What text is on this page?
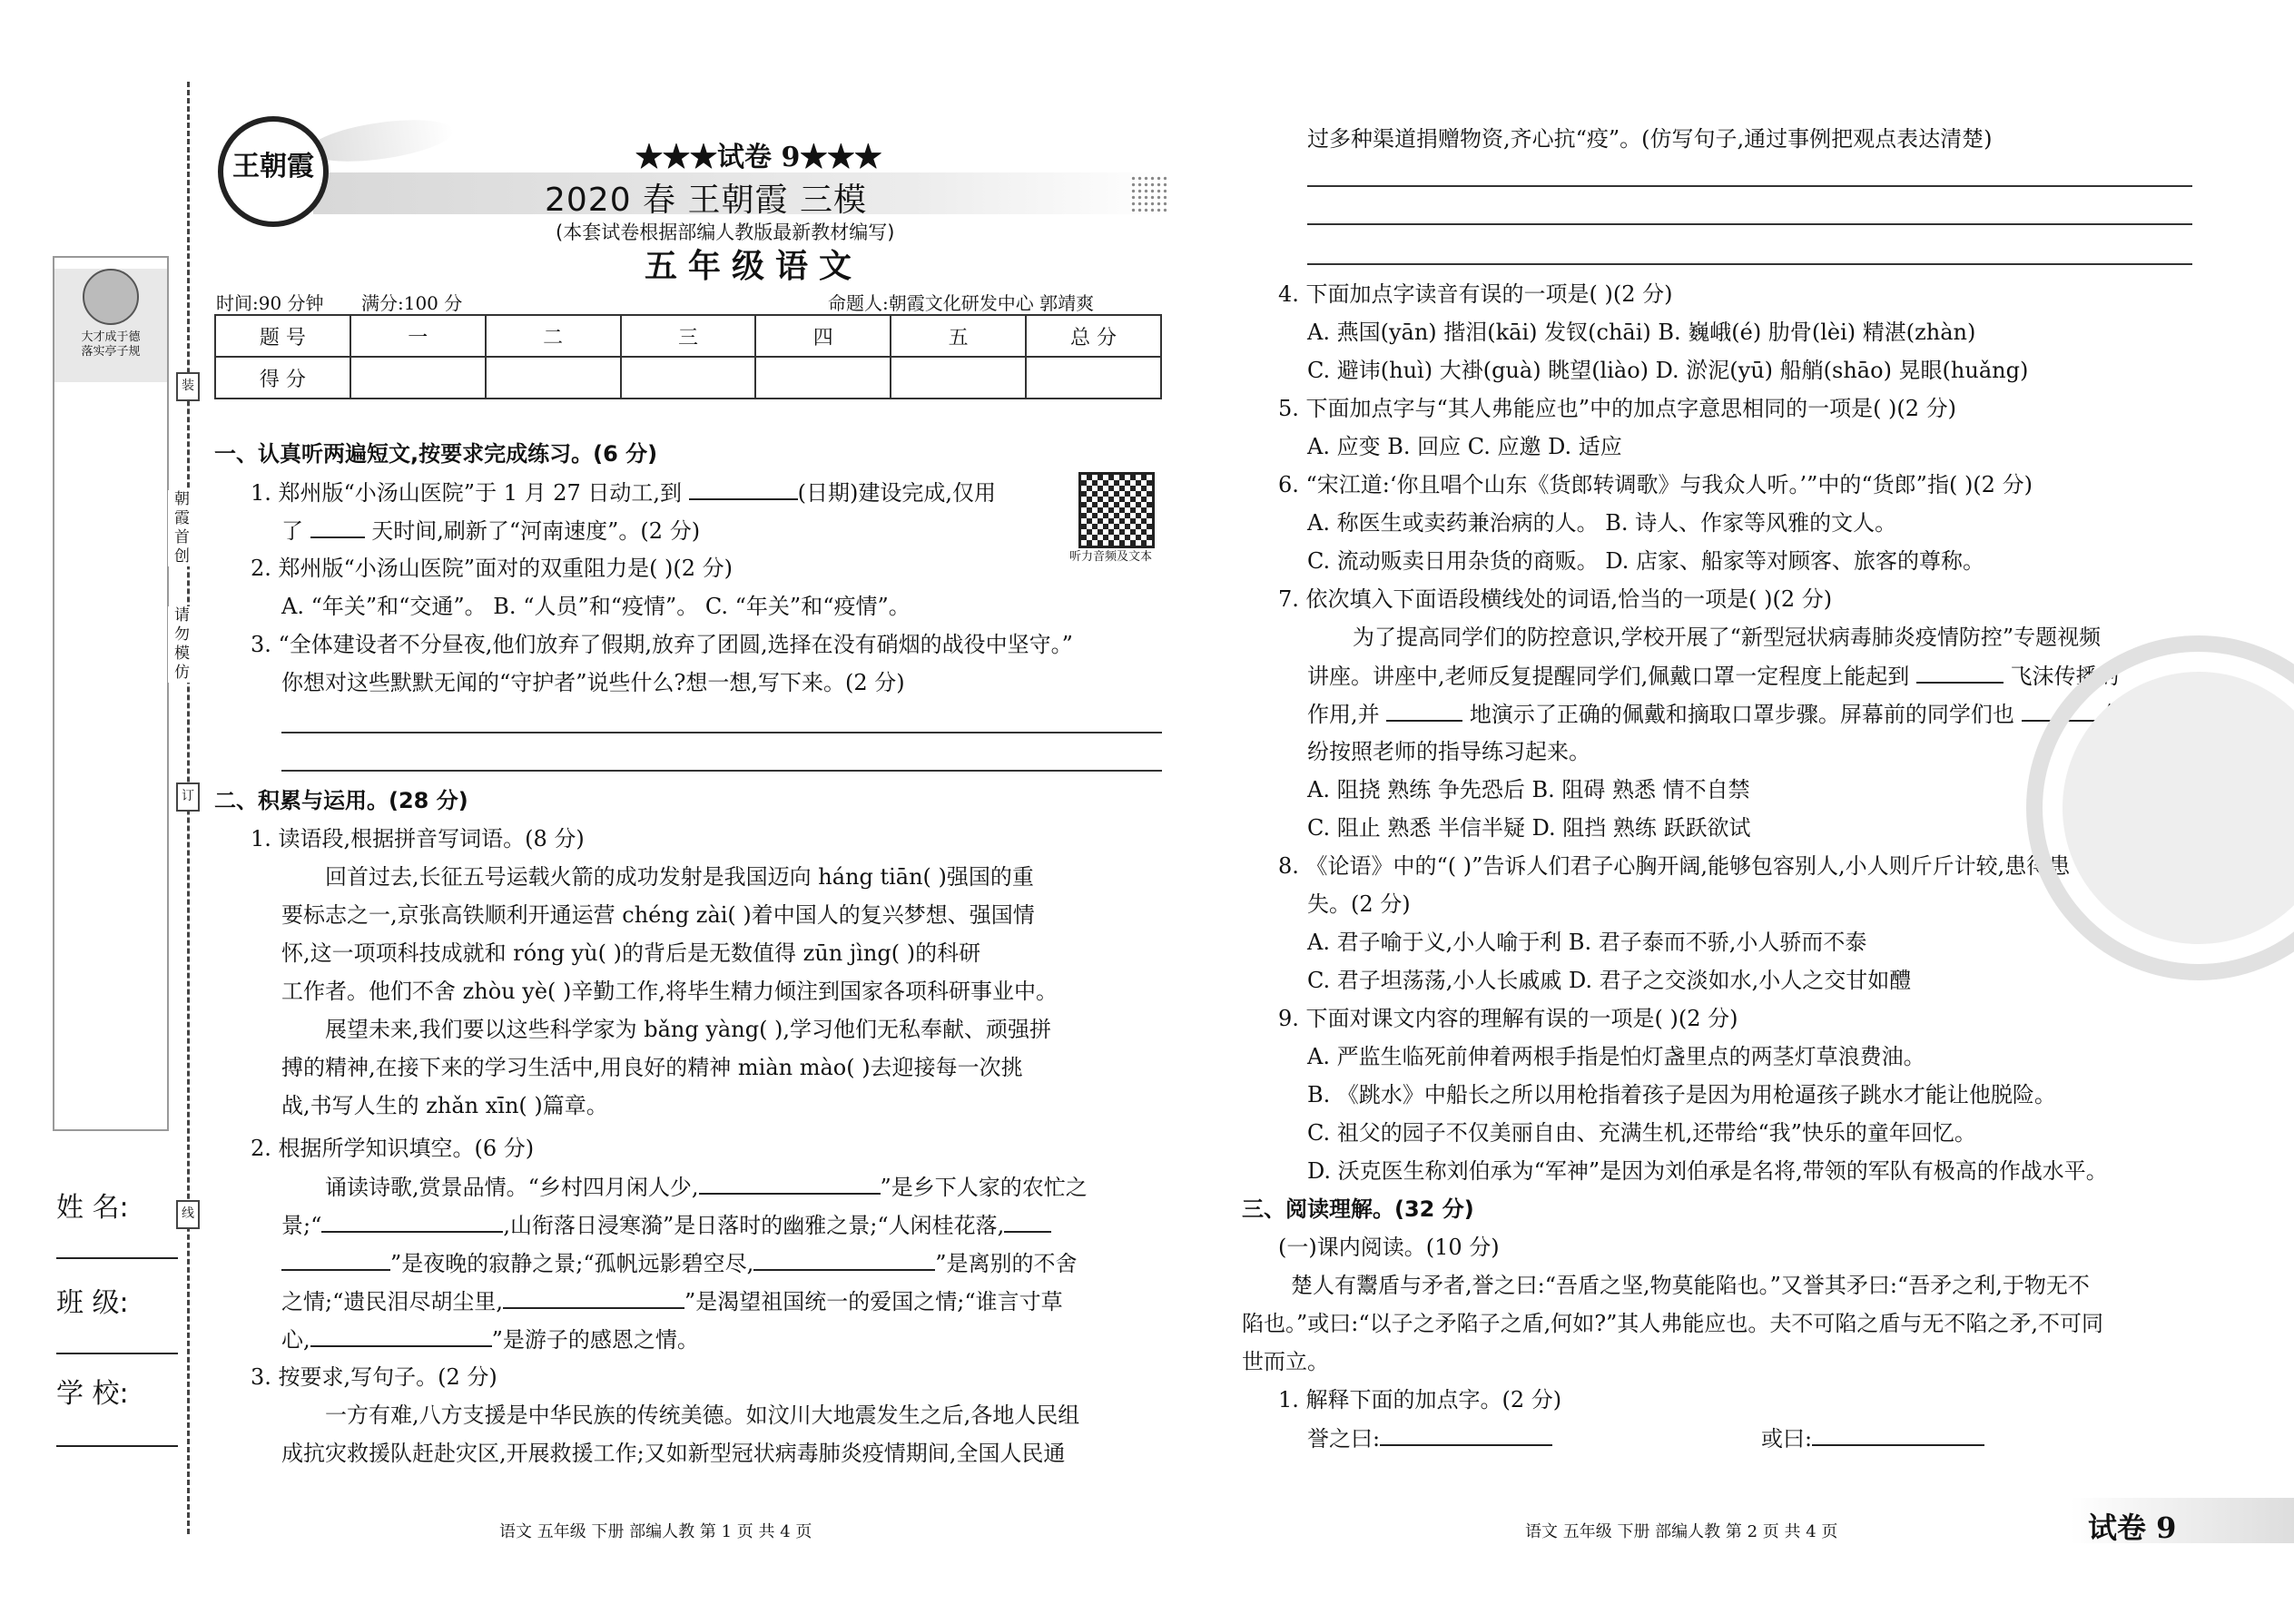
大才成于德
落实亭子规
朝霞首创
请勿模仿
装
订
线
姓 名:
班 级:
学 校:
王朝霞	★★★试卷 9★★★
2020 春 王朝霞 三模
(本套试卷根据部编人教版最新教材编写)
五年级语文
时间:90 分钟 满分:100 分	命题人:朝霞文化研发中心 郭靖爽
题 号	一	二	三	四	五	总 分
得 分						
听力音频及文本
一、认真听两遍短文,按要求完成练习。(6 分)
1. 郑州版“小汤山医院”于 1 月 27 日动工,到	(日期)建设完成,仅用
了	天时间,刷新了“河南速度”。(2 分)
2. 郑州版“小汤山医院”面对的双重阻力是( )(2 分)
A. “年关”和“交通”。 B. “人员”和“疫情”。 C. “年关”和“疫情”。
3. “全体建设者不分昼夜,他们放弃了假期,放弃了团圆,选择在没有硝烟的战役中坚守。”
你想对这些默默无闻的“守护者”说些什么?想一想,写下来。(2 分)
二、积累与运用。(28 分)
1. 读语段,根据拼音写词语。(8 分)
回首过去,长征五号运载火箭的成功发射是我国迈向 háng tiān( )强国的重
要标志之一,京张高铁顺利开通运营 chéng zài( )着中国人的复兴梦想、强国情
怀,这一项项科技成就和 róng yù( )的背后是无数值得 zūn jìng( )的科研
工作者。他们不舍 zhòu yè( )辛勤工作,将毕生精力倾注到国家各项科研事业中。
展望未来,我们要以这些科学家为 bǎng yàng( ),学习他们无私奉献、顽强拼
搏的精神,在接下来的学习生活中,用良好的精神 miàn mào( )去迎接每一次挑
战,书写人生的 zhǎn xīn( )篇章。
2. 根据所学知识填空。(6 分)
诵读诗歌,赏景品情。“乡村四月闲人少,	”是乡下人家的农忙之
景;“	,山衔落日浸寒漪”是日落时的幽雅之景;“人闲桂花落,
”是夜晚的寂静之景;“孤帆远影碧空尽,	”是离别的不舍
之情;“遗民泪尽胡尘里,	”是渴望祖国统一的爱国之情;“谁言寸草
心,	”是游子的感恩之情。
3. 按要求,写句子。(2 分)
一方有难,八方支援是中华民族的传统美德。如汶川大地震发生之后,各地人民组
成抗灾救援队赶赴灾区,开展救援工作;又如新型冠状病毒肺炎疫情期间,全国人民通
过多种渠道捐赠物资,齐心抗“疫”。(仿写句子,通过事例把观点表达清楚)
4. 下面加点字读音有误的一项是( )(2 分)
A. 燕国(yān) 揩泪(kāi) 发钗(chāi) B. 巍峨(é) 肋骨(lèi) 精湛(zhàn)
C. 避讳(huì) 大褂(guà) 眺望(liào) D. 淤泥(yū) 船艄(shāo) 晃眼(huǎng)
5. 下面加点字与“其人弗能应也”中的加点字意思相同的一项是( )(2 分)
A. 应变 B. 回应 C. 应邀 D. 适应
6. “宋江道:‘你且唱个山东《货郎转调歌》与我众人听。’”中的“货郎”指( )(2 分)
A. 称医生或卖药兼治病的人。 B. 诗人、作家等风雅的文人。
C. 流动贩卖日用杂货的商贩。 D. 店家、船家等对顾客、旅客的尊称。
7. 依次填入下面语段横线处的词语,恰当的一项是( )(2 分)
为了提高同学们的防控意识,学校开展了“新型冠状病毒肺炎疫情防控”专题视频
讲座。讲座中,老师反复提醒同学们,佩戴口罩一定程度上能起到	飞沫传播的
作用,并	地演示了正确的佩戴和摘取口罩步骤。屏幕前的同学们也
纷按照老师的指导练习起来。
A. 阻挠 熟练 争先恐后 B. 阻碍 熟悉 情不自禁
C. 阻止 熟悉 半信半疑 D. 阻挡 熟练 跃跃欲试
8. 《论语》中的“( )”告诉人们君子心胸开阔,能够包容别人,小人则斤斤计较,患得患
失。(2 分)
A. 君子喻于义,小人喻于利 B. 君子泰而不骄,小人骄而不泰
C. 君子坦荡荡,小人长戚戚 D. 君子之交淡如水,小人之交甘如醴
9. 下面对课文内容的理解有误的一项是( )(2 分)
A. 严监生临死前伸着两根手指是怕灯盏里点的两茎灯草浪费油。
B. 《跳水》中船长之所以用枪指着孩子是因为用枪逼孩子跳水才能让他脱险。
C. 祖父的园子不仅美丽自由、充满生机,还带给“我”快乐的童年回忆。
D. 沃克医生称刘伯承为“军神”是因为刘伯承是名将,带领的军队有极高的作战水平。
三、阅读理解。(32 分)
(一)课内阅读。(10 分)
楚人有鬻盾与矛者,誉之曰:“吾盾之坚,物莫能陷也。”又誉其矛曰:“吾矛之利,于物无不
陷也。”或曰:“以子之矛陷子之盾,何如?”其人弗能应也。夫不可陷之盾与无不陷之矛,不可同
世而立。
1. 解释下面的加点字。(2 分)
誉之曰:	或曰:
语文 五年级 下册 部编人教 第 1 页 共 4 页	语文 五年级 下册 部编人教 第 2 页 共 4 页	试卷 9
